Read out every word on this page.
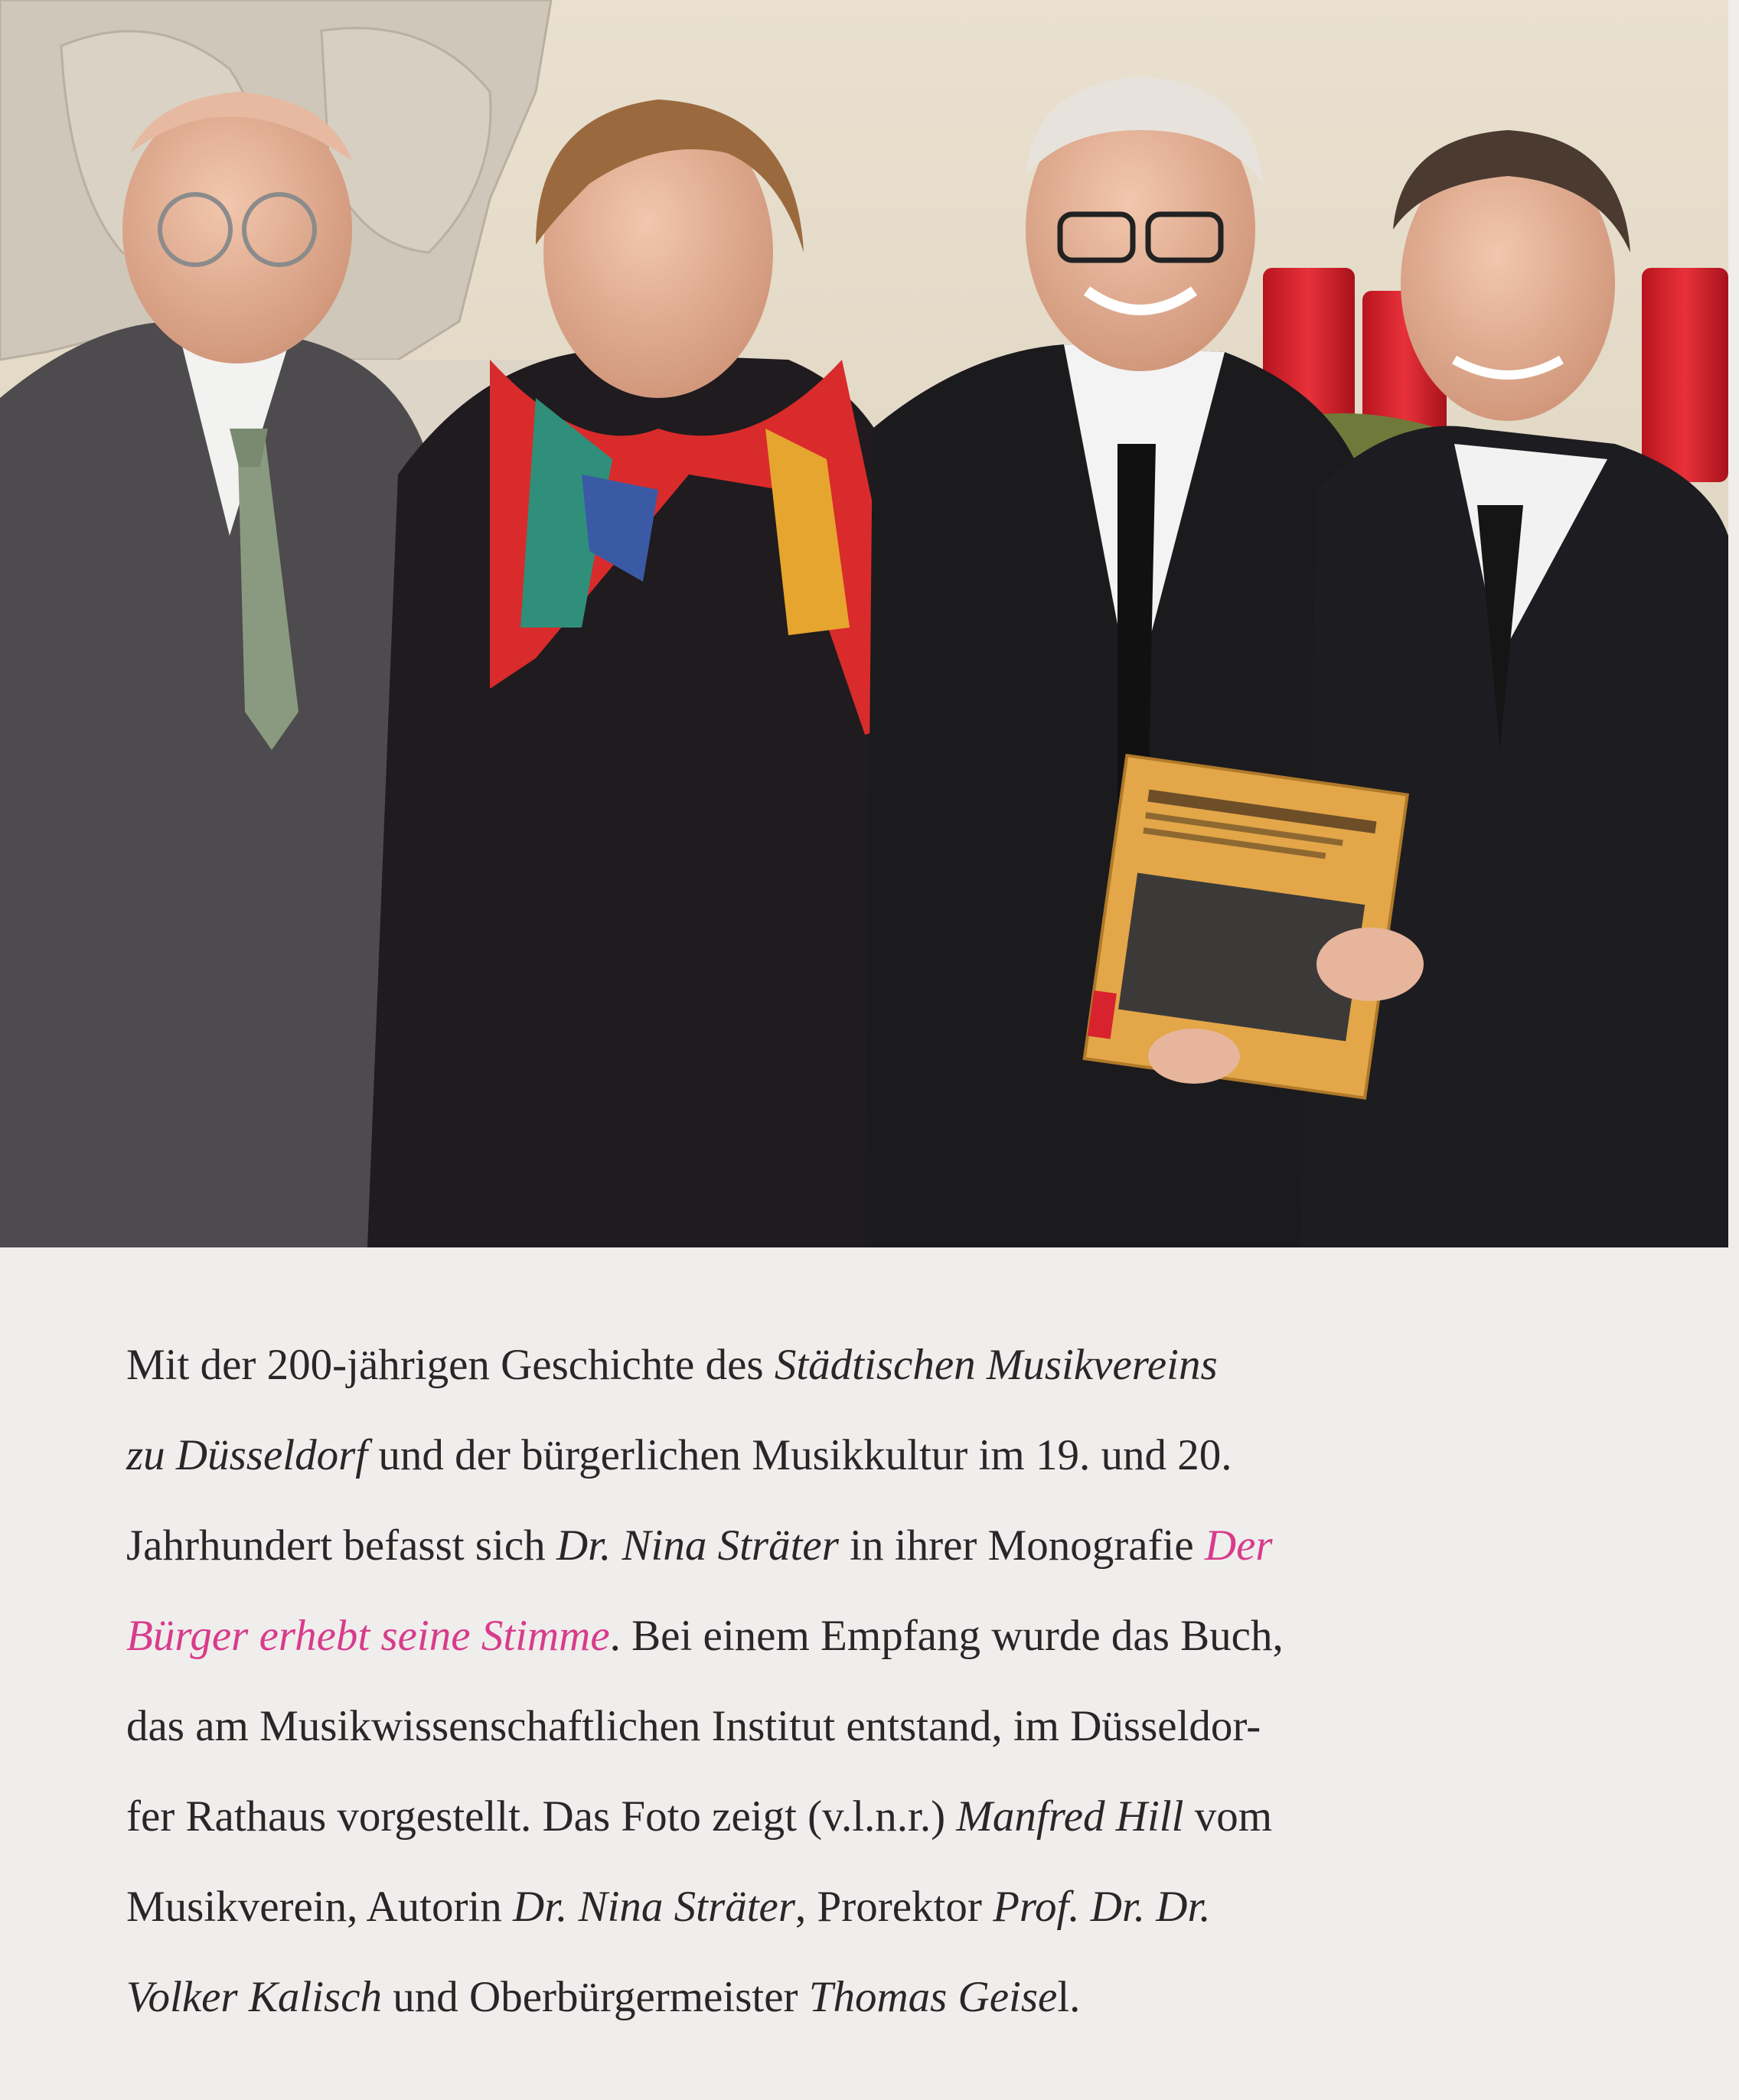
Mit der 200-jährigen Geschichte des Städtischen Musikvereins
zu Düsseldorf und der bürgerlichen Musikkultur im 19. und 20.
Jahrhundert befasst sich Dr. Nina Sträter in ihrer Monografie Der
Bürger erhebt seine Stimme. Bei einem Empfang wurde das Buch,
das am Musikwissenschaftlichen Institut entstand, im Düsseldor-
fer Rathaus vorgestellt. Das Foto zeigt (v.l.n.r.) Manfred Hill vom
Musikverein, Autorin Dr. Nina Sträter, Prorektor Prof. Dr. Dr.
Volker Kalisch und Oberbürgermeister Thomas Geisel.
